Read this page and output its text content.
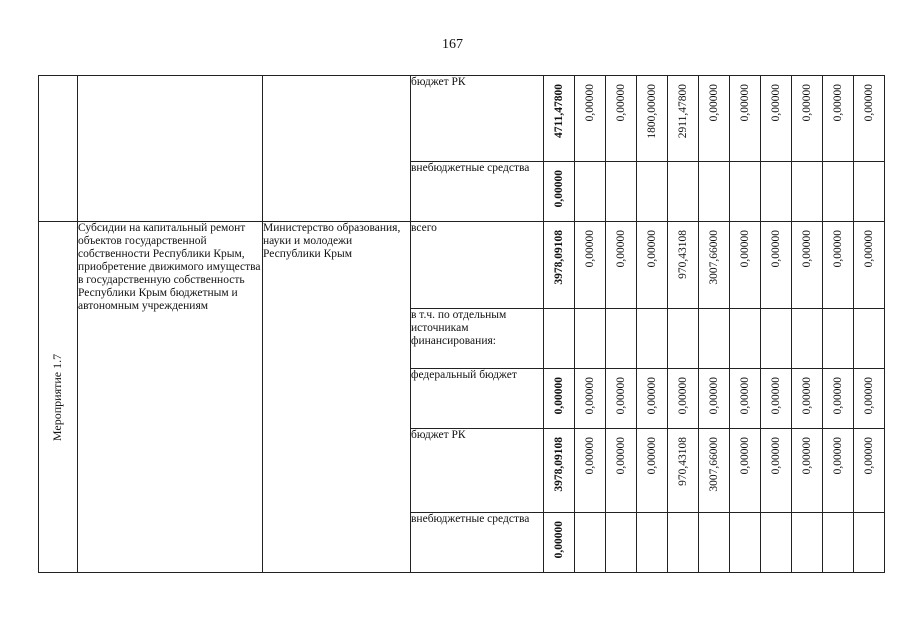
167
			бюджет РК	4711,47800	0,00000	0,00000	1800,00000	2911,47800	0,00000	0,00000	0,00000	0,00000	0,00000	0,00000

			внебюджетные средства	0,00000										

Мероприятие 1.7	Субсидии на капитальный ремонт объектов государственной собственности Республики Крым, приобретение движимого имущества в государственную собственность Республики Крым бюджетным и автономным учреждениям	Министерство образования, науки и молодежи Республики Крым	всего	3978,09108	0,00000	0,00000	0,00000	970,43108	3007,66000	0,00000	0,00000	0,00000	0,00000	0,00000

			в т.ч. по отдельным источникам финансирования:	

			федеральный бюджет	0,00000	0,00000	0,00000	0,00000	0,00000	0,00000	0,00000	0,00000	0,00000	0,00000	0,00000

			бюджет РК	3978,09108	0,00000	0,00000	0,00000	970,43108	3007,66000	0,00000	0,00000	0,00000	0,00000	0,00000

			внебюджетные средства	0,00000										
